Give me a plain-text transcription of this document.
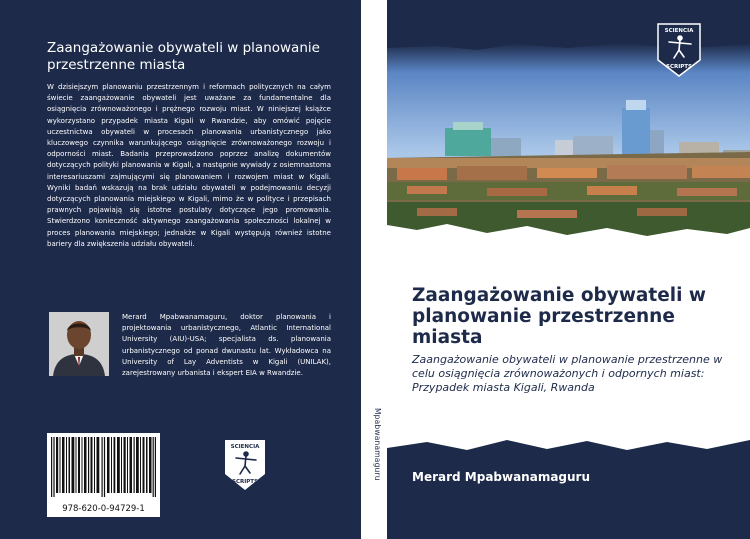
Zaangażowanie obywateli w planowanie przestrzenne miasta
W dzisiejszym planowaniu przestrzennym i reformach politycznych na całym świecie zaangażowanie obywateli jest uważane za fundamentalne dla osiągnięcia zrównoważonego i prężnego rozwoju miast. W niniejszej książce wykorzystano przypadek miasta Kigali w Rwandzie, aby omówić pojęcie uczestnictwa obywateli w procesach planowania urbanistycznego jako kluczowego czynnika warunkującego osiągnięcie zrównoważonego rozwoju i odporności miast. Badania przeprowadzono poprzez analizę dokumentów dotyczących polityki planowania w Kigali, a następnie wywiady z osiemnastoma interesariuszami zajmującymi się planowaniem i rozwojem miast w Kigali. Wyniki badań wskazują na brak udziału obywateli w podejmowaniu decyzji dotyczących planowania miejskiego w Kigali, mimo że w polityce i przepisach prawnych pojawiają się istotne postulaty dotyczące jego promowania. Stwierdzono konieczność aktywnego zaangażowania społeczności lokalnej w proces planowania miejskiego; jednakże w Kigali występują również istotne bariery dla zwiększenia udziału obywateli.
Merard Mpabwanamaguru, doktor planowania i projektowania urbanistycznego, Atlantic International University (AIU)-USA; specjalista ds. planowania urbanistycznego od ponad dwunastu lat. Wykładowca na University of Lay Adventists w Kigali (UNILAK), zarejestrowany urbanista i ekspert EIA w Rwandzie.
978-620-0-94729-1
SCIENCIA
SCRIPTS
Mpabwanamaguru
SCIENCIA
SCRIPTS
Zaangażowanie obywateli w planowanie przestrzenne miasta
Zaangażowanie obywateli w planowanie przestrzenne w celu osiągnięcia zrównoważonych i odpornych miast: Przypadek miasta Kigali, Rwanda
Merard Mpabwanamaguru
